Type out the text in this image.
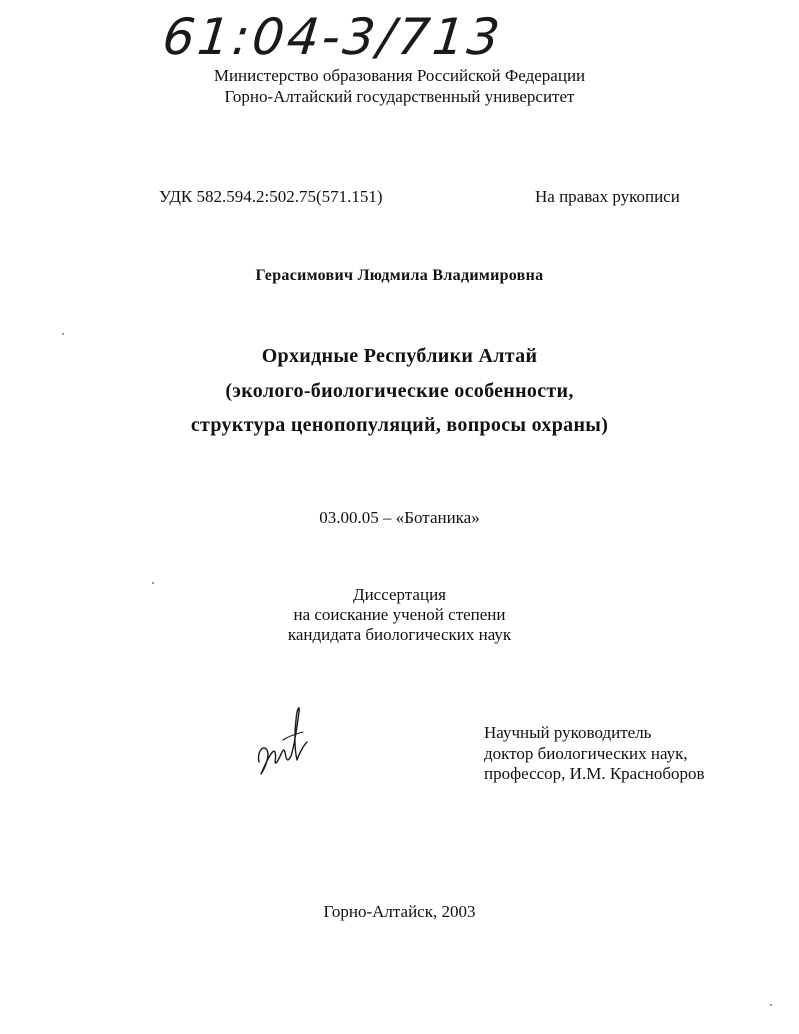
61:04-3/713
Министерство образования Российской Федерации
Горно-Алтайский государственный университет
УДК 582.594.2:502.75(571.151)	На правах рукописи
Герасимович Людмила Владимировна
Орхидные Республики Алтай
(эколого-биологические особенности,
структура ценопопуляций, вопросы охраны)
03.00.05 – «Ботаника»
Диссертация
на соискание ученой степени
кандидата биологических наук
Научный руководитель
доктор биологических наук,
профессор, И.М. Красноборов
Горно-Алтайск, 2003
